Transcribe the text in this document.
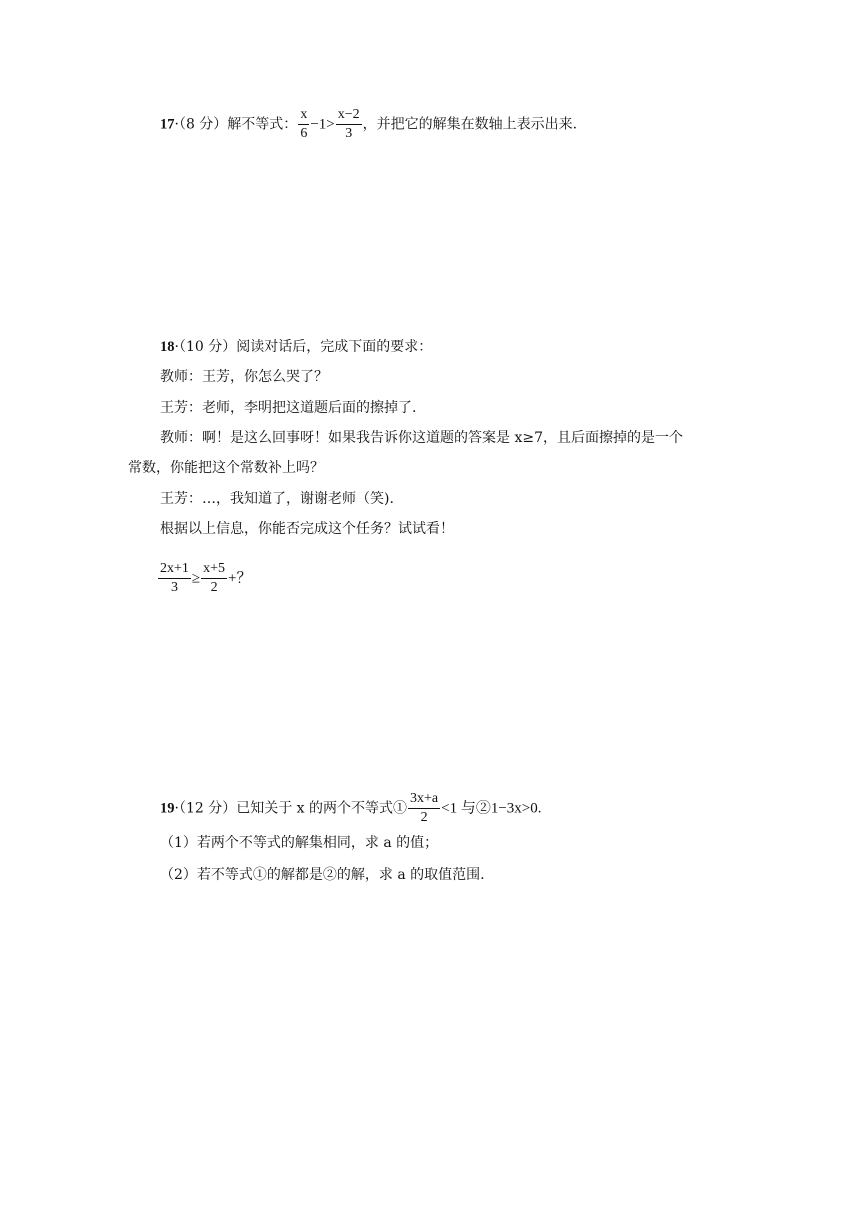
17·（8 分）解不等式： $\frac{x}{6} -1> \frac{x-2}{3}$ ，并把它的解集在数轴上表示出来.
18·（10 分）阅读对话后，完成下面的要求：
教师：王芳，你怎么哭了？
王芳：老师，李明把这道题后面的擦掉了.
教师：啊！是这么回事呀！如果我告诉你这道题的答案是 x≥7，且后面擦掉的是一个
常数，你能把这个常数补上吗？
王芳：…，我知道了，谢谢老师（笑).
根据以上信息，你能否完成这个任务？试试看！
$\frac{2x+1}{3} \ge \frac{x+5}{2}$ +？
19·（12 分）已知关于 x 的两个不等式① $\frac{3x+a}{2} <1$ 与②1−3x>0.
（1）若两个不等式的解集相同，求 a 的值；
（2）若不等式①的解都是②的解，求 a 的取值范围.
